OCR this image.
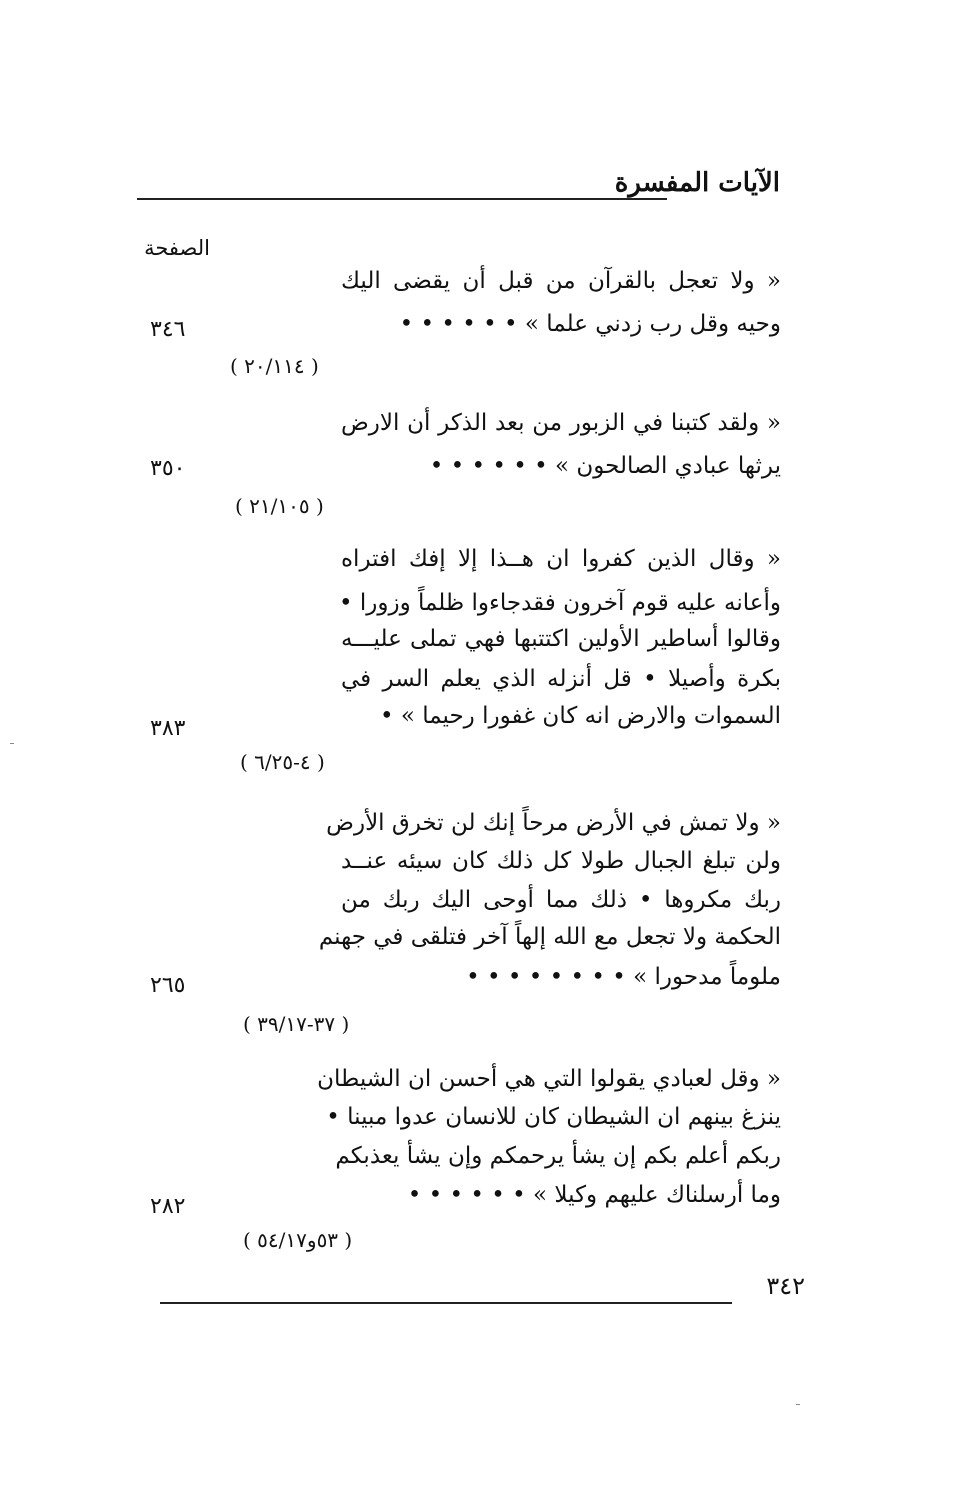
الآيات المفسرة
الصفحة
« ولا تعجل بالقرآن من قبل أن يقضى اليك
وحيه وقل رب زدني علما » • • • • • •
٣٤٦
( ٢٠/١١٤ )
« ولقد كتبنا في الزبور من بعد الذكر أن الارض
يرثها عبادي الصالحون » • • • • • •
٣٥٠
( ٢١/١٠٥ )
« وقال الذين كفروا ان هــذا إلا إفك افتراه
وأعانه عليه قوم آخرون فقدجاءوا ظلماً وزورا •
وقالوا أساطير الأولين اكتتبها فهي تملى عليـــه
بكرة وأصيلا • قل أنزله الذي يعلم السر في
السموات والارض انه كان غفورا رحيما » •
٣٨٣
( ٤-٦/٢٥ )
« ولا تمش في الأرض مرحاً إنك لن تخرق الأرض
ولن تبلغ الجبال طولا كل ذلك كان سيئه عنــد
ربك مكروها • ذلك مما أوحى اليك ربك من
الحكمة ولا تجعل مع الله إلهاً آخر فتلقى في جهنم
ملوماً مدحورا » • • • • • • • •
٢٦٥
( ٣٧-٣٩/١٧ )
« وقل لعبادي يقولوا التي هي أحسن ان الشيطان
ينزغ بينهم ان الشيطان كان للانسان عدوا مبينا •
ربكم أعلم بكم إن يشأ يرحمكم وإن يشأ يعذبكم
وما أرسلناك عليهم وكيلا » • • • • • •
٢٨٢
( ٥٣و٥٤/١٧ )
٣٤٢
